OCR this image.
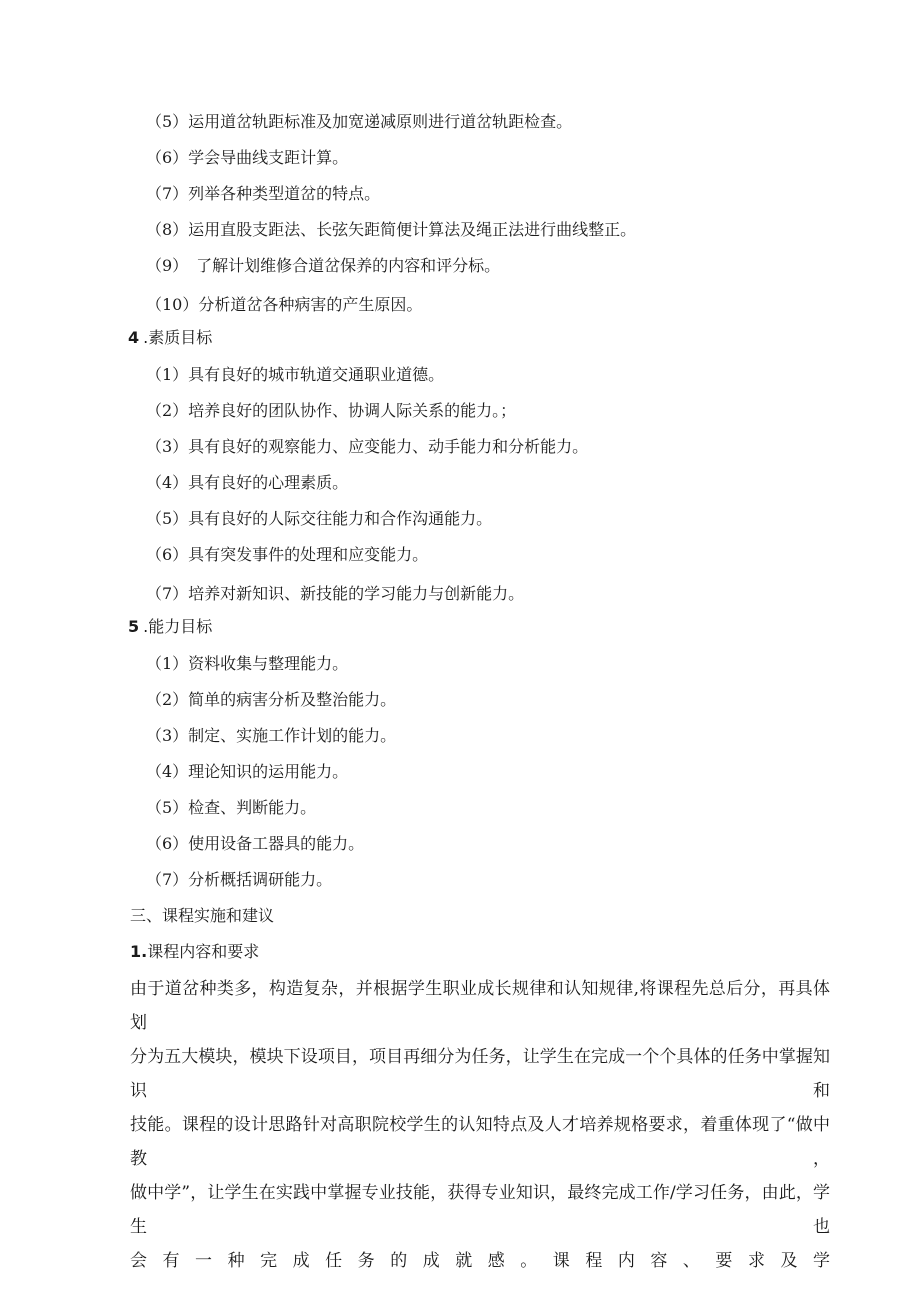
（5）运用道岔轨距标准及加宽递减原则进行道岔轨距检查。
（6）学会导曲线支距计算。
（7）列举各种类型道岔的特点。
（8）运用直股支距法、长弦矢距简便计算法及绳正法进行曲线整正。
（9）　了解计划维修合道岔保养的内容和评分标。
（10）分析道岔各种病害的产生原因。
4 .素质目标
（1）具有良好的城市轨道交通职业道德。
（2）培养良好的团队协作、协调人际关系的能力。；
（3）具有良好的观察能力、应变能力、动手能力和分析能力。
（4）具有良好的心理素质。
（5）具有良好的人际交往能力和合作沟通能力。
（6）具有突发事件的处理和应变能力。
（7）培养对新知识、新技能的学习能力与创新能力。
5 .能力目标
（1）资料收集与整理能力。
（2）简单的病害分析及整治能力。
（3）制定、实施工作计划的能力。
（4）理论知识的运用能力。
（5）检查、判断能力。
（6）使用设备工器具的能力。
（7）分析概括调研能力。
三、课程实施和建议
1.课程内容和要求
由于道岔种类多，构造复杂，并根据学生职业成长规律和认知规律,将课程先总后分，再具体划
分为五大模块，模块下设项目，项目再细分为任务，让学生在完成一个个具体的任务中掌握知识和
技能。课程的设计思路针对高职院校学生的认知特点及人才培养规格要求，着重体现了“做中教，
做中学”，让学生在实践中掌握专业技能，获得专业知识，最终完成工作/学习任务，由此，学生也
会有一种完成任务的成就感。课程内容、要求及学
